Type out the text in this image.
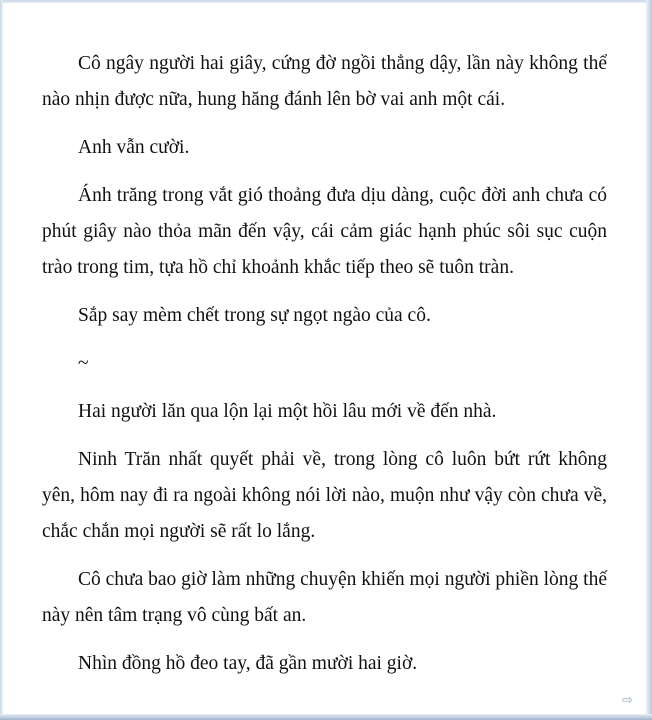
Cô ngây người hai giây, cứng đờ ngồi thẳng dậy, lần này không thể nào nhịn được nữa, hung hăng đánh lên bờ vai anh một cái.

Anh vẫn cười.

Ánh trăng trong vắt gió thoảng đưa dịu dàng, cuộc đời anh chưa có phút giây nào thỏa mãn đến vậy, cái cảm giác hạnh phúc sôi sục cuộn trào trong tim, tựa hồ chỉ khoảnh khắc tiếp theo sẽ tuôn tràn.

Sắp say mèm chết trong sự ngọt ngào của cô.

~

Hai người lăn qua lộn lại một hồi lâu mới về đến nhà.

Ninh Trăn nhất quyết phải về, trong lòng cô luôn bứt rứt không yên, hôm nay đi ra ngoài không nói lời nào, muộn như vậy còn chưa về, chắc chắn mọi người sẽ rất lo lắng.

Cô chưa bao giờ làm những chuyện khiến mọi người phiền lòng thế này nên tâm trạng vô cùng bất an.

Nhìn đồng hồ đeo tay, đã gần mười hai giờ.

⇨
